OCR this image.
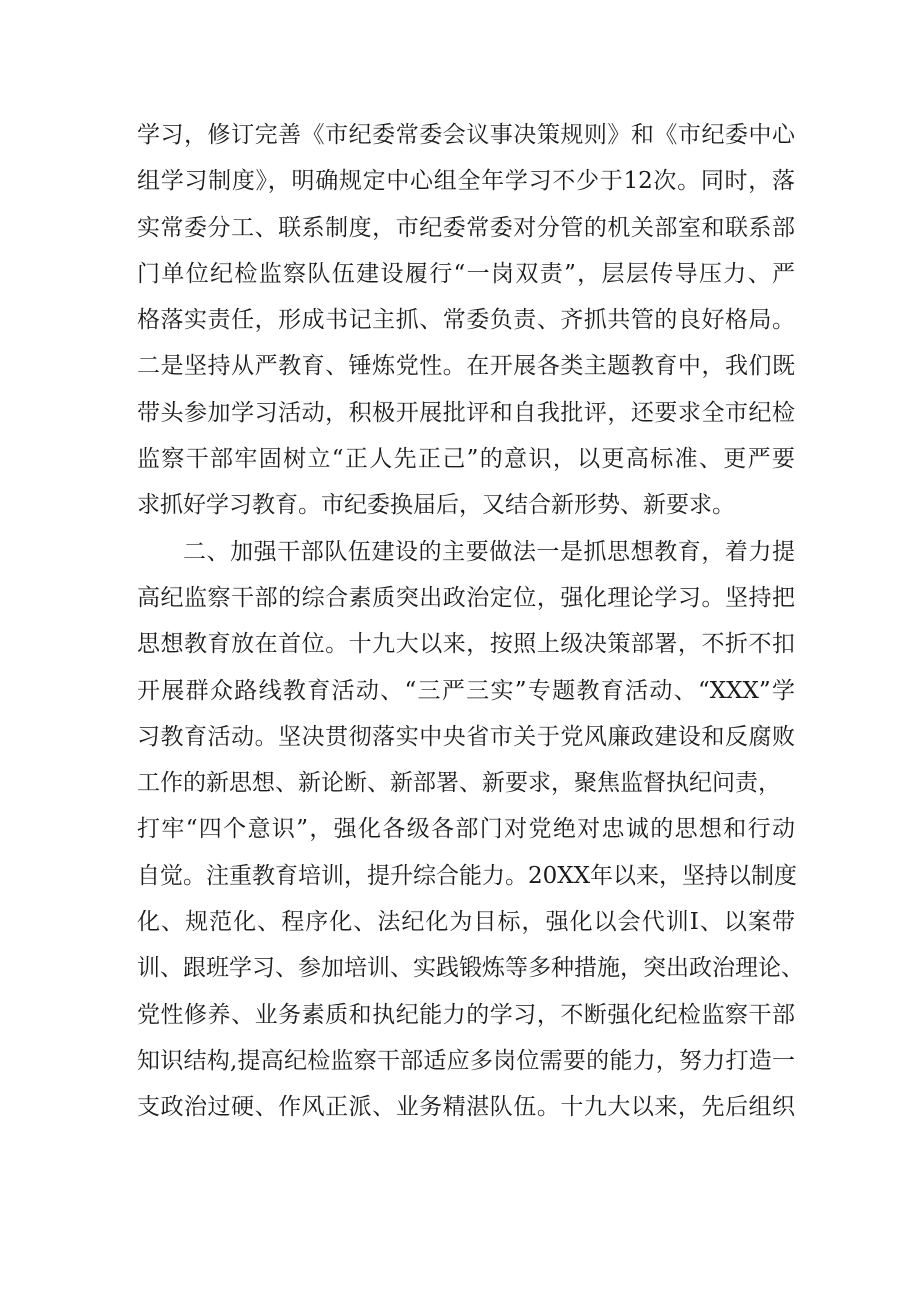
学习，修订完善《市纪委常委会议事决策规则》和《市纪委中心
组学习制度》，明确规定中心组全年学习不少于12次。同时，落
实常委分工、联系制度，市纪委常委对分管的机关部室和联系部
门单位纪检监察队伍建设履行“一岗双责”，层层传导压力、严
格落实责任，形成书记主抓、常委负责、齐抓共管的良好格局。
二是坚持从严教育、锤炼党性。在开展各类主题教育中，我们既
带头参加学习活动，积极开展批评和自我批评，还要求全市纪检
监察干部牢固树立“正人先正己”的意识，以更高标准、更严要
求抓好学习教育。市纪委换届后，又结合新形势、新要求。
二、加强干部队伍建设的主要做法一是抓思想教育，着力提
高纪监察干部的综合素质突出政治定位，强化理论学习。坚持把
思想教育放在首位。十九大以来，按照上级决策部署，不折不扣
开展群众路线教育活动、“三严三实”专题教育活动、“XXX”学
习教育活动。坚决贯彻落实中央省市关于党风廉政建设和反腐败
工作的新思想、新论断、新部署、新要求，聚焦监督执纪问责，
打牢“四个意识”，强化各级各部门对党绝对忠诚的思想和行动
自觉。注重教育培训，提升综合能力。20XX年以来，坚持以制度
化、规范化、程序化、法纪化为目标，强化以会代训I、以案带
训、跟班学习、参加培训、实践锻炼等多种措施，突出政治理论、
党性修养、业务素质和执纪能力的学习，不断强化纪检监察干部
知识结构,提高纪检监察干部适应多岗位需要的能力，努力打造一
支政治过硬、作风正派、业务精湛队伍。十九大以来，先后组织
